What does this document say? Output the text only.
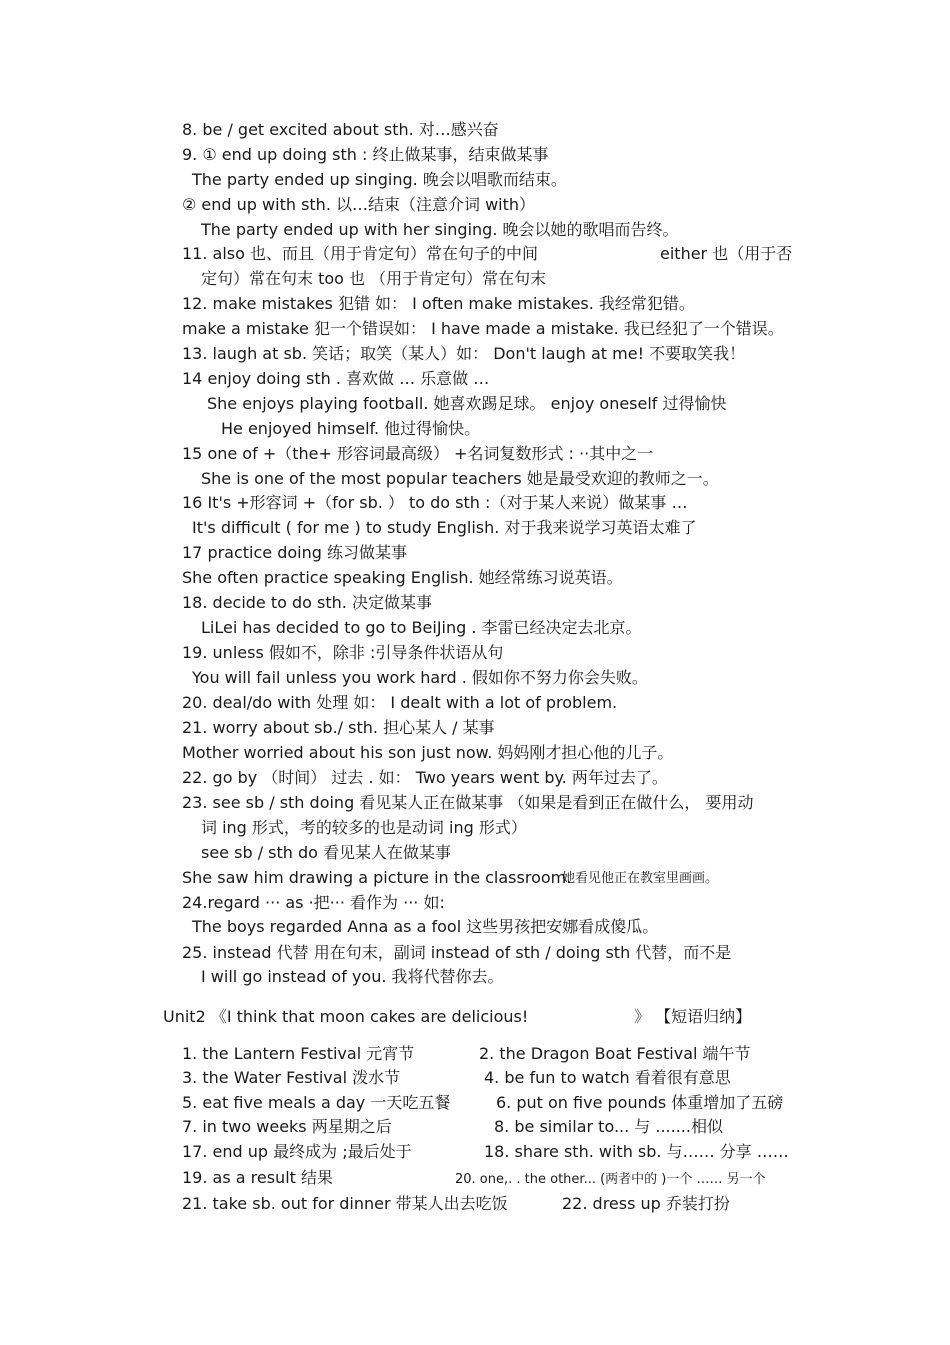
8. be / get excited about sth. 对…感兴奋
9. ① end up doing sth : 终止做某事，结束做某事
The party ended up singing. 晚会以唱歌而结束。
② end up with sth. 以…结束（注意介词 with）
The party ended up with her singing. 晚会以她的歌唱而告终。
11. also 也、而且（用于肯定句）常在句子的中间	either 也（用于否
定句）常在句末 too 也 （用于肯定句）常在句末
12. make mistakes 犯错 如： I often make mistakes. 我经常犯错。
make a mistake 犯一个错误如： I have made a mistake. 我已经犯了一个错误。
13. laugh at sb. 笑话；取笑（某人）如： Don't laugh at me! 不要取笑我！
14 enjoy doing sth . 喜欢做 … 乐意做 …
She enjoys playing football. 她喜欢踢足球。 enjoy oneself 过得愉快
He enjoyed himself. 他过得愉快。
15 one of +（the+ 形容词最高级） +名词复数形式 : ··其中之一
She is one of the most popular teachers 她是最受欢迎的教师之一。
16 It's +形容词 +（for sb. ） to do sth :（对于某人来说）做某事 …
It's difficult ( for me ) to study English. 对于我来说学习英语太难了
17 practice doing 练习做某事
She often practice speaking English. 她经常练习说英语。
18. decide to do sth. 决定做某事
LiLei has decided to go to BeiJing . 李雷已经决定去北京。
19. unless 假如不，除非 :引导条件状语从句
You will fail unless you work hard . 假如你不努力你会失败。
20. deal/do with 处理 如： I dealt with a lot of problem.
21. worry about sb./ sth. 担心某人 / 某事
Mother worried about his son just now. 妈妈刚才担心他的儿子。
22. go by （时间） 过去 . 如： Two years went by. 两年过去了。
23. see sb / sth doing 看见某人正在做某事 （如果是看到正在做什么， 要用动
词 ing 形式，考的较多的也是动词 ing 形式）
see sb / sth do 看见某人在做某事
She saw him drawing a picture in the classroom.
她看见他正在教室里画画。
24.regard ··· as ·把··· 看作为 ··· 如:
The boys regarded Anna as a fool 这些男孩把安娜看成傻瓜。
25. instead 代替 用在句末，副词 instead of sth / doing sth 代替，而不是
I will go instead of you. 我将代替你去。
Unit2 《I think that moon cakes are delicious!	》 【短语归纳】
1. the Lantern Festival 元宵节	2. the Dragon Boat Festival 端午节
3. the Water Festival 泼水节	4. be fun to watch 看着很有意思
5. eat five meals a day 一天吃五餐	6. put on five pounds 体重增加了五磅
7. in two weeks 两星期之后	8. be similar to... 与 .......相似
17. end up 最终成为 ;最后处于	18. share sth. with sb. 与…… 分享 ……
19. as a result 结果	20. one,. . the other... (两者中的 )一个 …… 另一个
21. take sb. out for dinner 带某人出去吃饭	22. dress up 乔装打扮
